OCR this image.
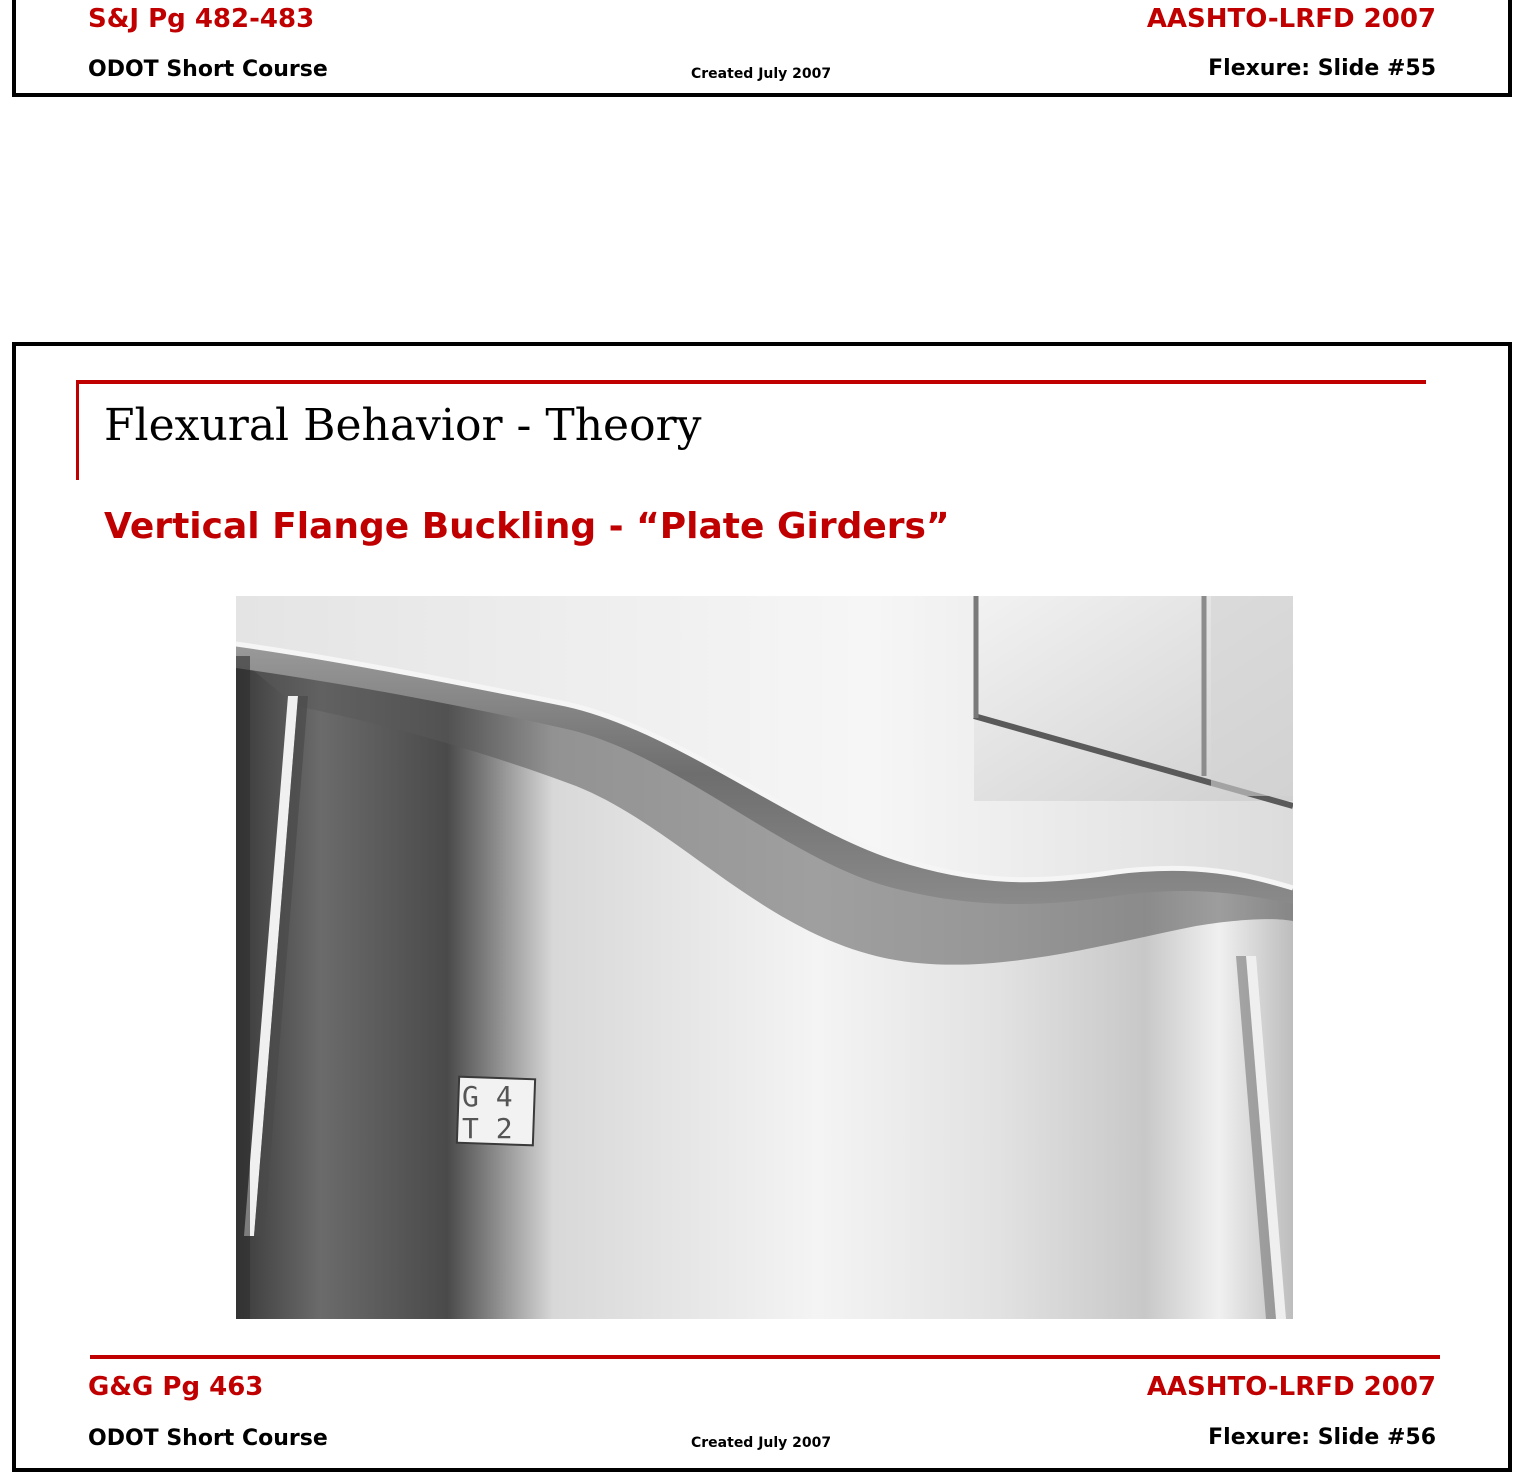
S&J Pg 482-483	AASHTO-LRFD 2007
ODOT Short Course	Created July 2007	Flexure: Slide #55
Flexural Behavior - Theory
Vertical Flange Buckling - “Plate Girders”
G 4
T 2
G&G Pg 463	AASHTO-LRFD 2007
ODOT Short Course	Created July 2007	Flexure: Slide #56
